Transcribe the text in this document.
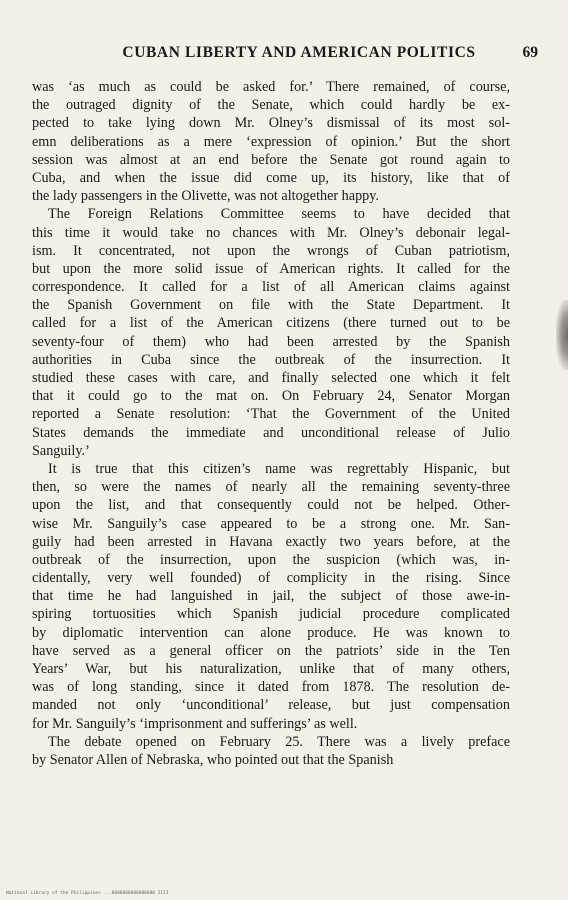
CUBAN LIBERTY AND AMERICAN POLITICS	69
was ‘as much as could be asked for.’ There remained, of course,
the outraged dignity of the Senate, which could hardly be ex-
pected to take lying down Mr. Olney’s dismissal of its most sol-
emn deliberations as a mere ‘expression of opinion.’ But the short
session was almost at an end before the Senate got round again to
Cuba, and when the issue did come up, its history, like that of
the lady passengers in the Olivette, was not altogether happy.
The Foreign Relations Committee seems to have decided that
this time it would take no chances with Mr. Olney’s debonair legal-
ism. It concentrated, not upon the wrongs of Cuban patriotism,
but upon the more solid issue of American rights. It called for the
correspondence. It called for a list of all American claims against
the Spanish Government on file with the State Department. It
called for a list of the American citizens (there turned out to be
seventy-four of them) who had been arrested by the Spanish
authorities in Cuba since the outbreak of the insurrection. It
studied these cases with care, and finally selected one which it felt
that it could go to the mat on. On February 24, Senator Morgan
reported a Senate resolution: ‘That the Government of the United
States demands the immediate and unconditional release of Julio
Sanguily.’
It is true that this citizen’s name was regrettably Hispanic, but
then, so were the names of nearly all the remaining seventy-three
upon the list, and that consequently could not be helped. Other-
wise Mr. Sanguily’s case appeared to be a strong one. Mr. San-
guily had been arrested in Havana exactly two years before, at the
outbreak of the insurrection, upon the suspicion (which was, in-
cidentally, very well founded) of complicity in the rising. Since
that time he had languished in jail, the subject of those awe-in-
spiring tortuosities which Spanish judicial procedure complicated
by diplomatic intervention can alone produce. He was known to
have served as a general officer on the patriots’ side in the Ten
Years’ War, but his naturalization, unlike that of many others,
was of long standing, since it dated from 1878. The resolution de-
manded not only ‘unconditional’ release, but just compensation
for Mr. Sanguily’s ‘imprisonment and sufferings’ as well.
The debate opened on February 25. There was a lively preface
by Senator Allen of Nebraska, who pointed out that the Spanish
National Library of the Philippines ...0000000000000000 IIII
